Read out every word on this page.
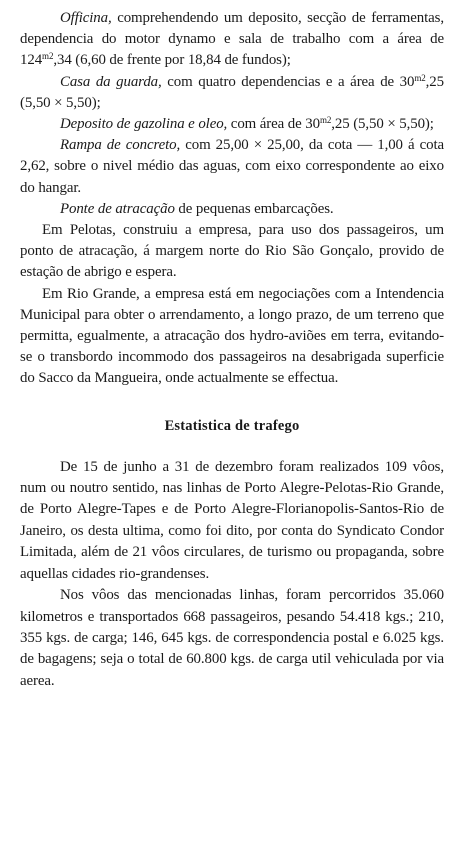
Officina, comprehendendo um deposito, secção de ferramentas, dependencia do motor dynamo e sala de trabalho com a área de $124^{m2},34$ (6,60 de frente por 18,84 de fundos);

Casa da guarda, com quatro dependencias e a área de $30^{m2},25$ (5,50 × 5,50);

Deposito de gazolina e oleo, com área de $30^{m2},25$ (5,50 × 5,50);

Rampa de concreto, com 25,00 × 25,00, da cota — 1,00 á cota 2,62, sobre o nivel médio das aguas, com eixo correspondente ao eixo do hangar.

Ponte de atracação de pequenas embarcações.

Em Pelotas, construiu a empresa, para uso dos passageiros, um ponto de atracação, á margem norte do Rio São Gonçalo, provido de estação de abrigo e espera.

Em Rio Grande, a empresa está em negociações com a Intendencia Municipal para obter o arrendamento, a longo prazo, de um terreno que permitta, egualmente, a atracação dos hydro-aviões em terra, evitando-se o transbordo incommodo dos passageiros na desabrigada superficie do Sacco da Mangueira, onde actualmente se effectua.

Estatistica de trafego

De 15 de junho a 31 de dezembro foram realizados 109 vôos, num ou noutro sentido, nas linhas de Porto Alegre-Pelotas-Rio Grande, de Porto Alegre-Tapes e de Porto Alegre-Florianopolis-Santos-Rio de Janeiro, os desta ultima, como foi dito, por conta do Syndicato Condor Limitada, além de 21 vôos circulares, de turismo ou propaganda, sobre aquellas cidades rio-grandenses.

Nos vôos das mencionadas linhas, foram percorridos 35.060 kilometros e transportados 668 passageiros, pesando 54.418 kgs.; 210, 355 kgs. de carga; 146, 645 kgs. de correspondencia postal e 6.025 kgs. de bagagens; seja o total de 60.800 kgs. de carga util vehiculada por via aerea.
